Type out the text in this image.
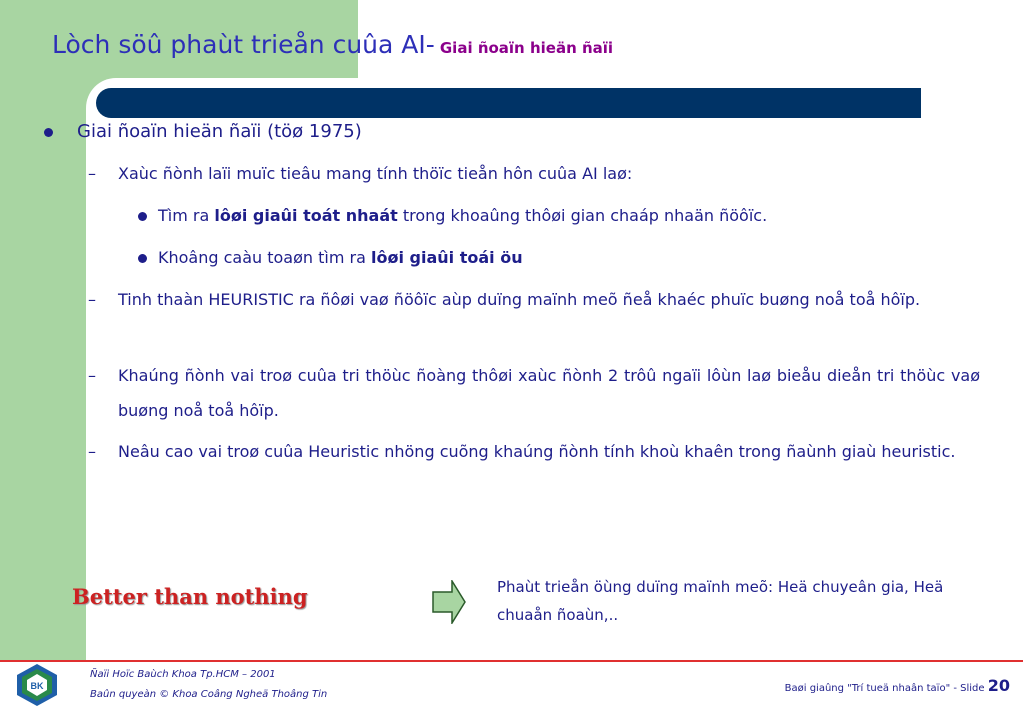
Lòch söû phaùt trieån cuûa AI- Giai ñoaïn hieän ñaïi
Giai ñoaïn hieän ñaïi (töø 1975)
–	Xaùc ñònh laïi muïc tieâu mang tính thöïc tieån hôn cuûa AI laø:
Tìm ra lôøi giaûi toát nhaát trong khoaûng thôøi gian chaáp nhaän ñöôïc.
Khoâng caàu toaøn tìm ra lôøi giaûi toái öu
–	Tinh thaàn HEURISTIC ra ñôøi vaø ñöôïc aùp duïng maïnh meõ ñeå khaéc phuïc buøng noå toå hôïp.
–	Khaúng ñònh vai troø cuûa tri thöùc ñoàng thôøi xaùc ñònh 2 trôû ngaïi lôùn laø bieåu dieån tri thöùc vaø buøng noå toå hôïp.
–	Neâu cao vai troø cuûa Heuristic nhöng cuõng khaúng ñònh tính khoù khaên trong ñaùnh giaù heuristic.
Better than nothing	Phaùt trieån öùng duïng maïnh meõ: Heä chuyeân gia, Heä chuaån ñoaùn,..
BK
Ñaïi Hoïc Baùch Khoa Tp.HCM – 2001
Baûn quyeàn © Khoa Coâng Ngheä Thoâng Tin
Baøi giaûng "Trí tueä nhaân taïo" - Slide 20
